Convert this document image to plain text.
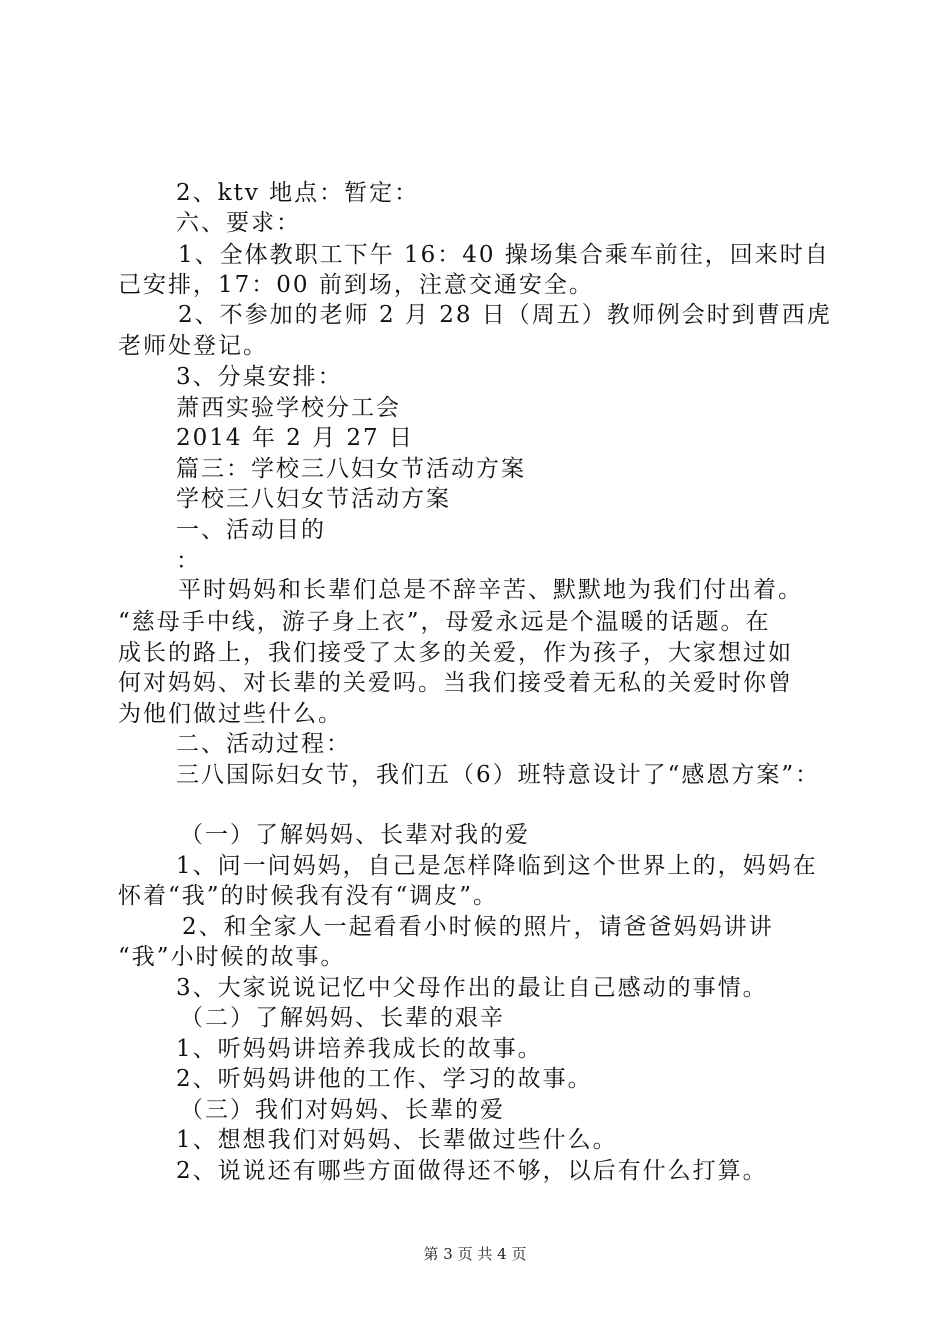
2、ktv 地点：暂定：
六、要求：
1、全体教职工下午 16：40 操场集合乘车前往，回来时自
己安排，17：00 前到场，注意交通安全。
2、不参加的老师 2 月 28 日（周五）教师例会时到曹西虎
老师处登记。
3、分桌安排：
萧西实验学校分工会
2014 年 2 月 27 日
篇三：学校三八妇女节活动方案
学校三八妇女节活动方案
一、活动目的
：
平时妈妈和长辈们总是不辞辛苦、默默地为我们付出着。
“慈母手中线，游子身上衣”，母爱永远是个温暖的话题。在
成长的路上，我们接受了太多的关爱，作为孩子，大家想过如
何对妈妈、对长辈的关爱吗。当我们接受着无私的关爱时你曾
为他们做过些什么。
二、活动过程：
三八国际妇女节，我们五（6）班特意设计了“感恩方案”：
（一）了解妈妈、长辈对我的爱
1、问一问妈妈，自己是怎样降临到这个世界上的，妈妈在
怀着“我”的时候我有没有“调皮”。
2、和全家人一起看看小时候的照片，请爸爸妈妈讲讲
“我”小时候的故事。
3、大家说说记忆中父母作出的最让自己感动的事情。
（二）了解妈妈、长辈的艰辛
1、听妈妈讲培养我成长的故事。
2、听妈妈讲他的工作、学习的故事。
（三）我们对妈妈、长辈的爱
1、想想我们对妈妈、长辈做过些什么。
2、说说还有哪些方面做得还不够，以后有什么打算。
第 3 页 共 4 页
